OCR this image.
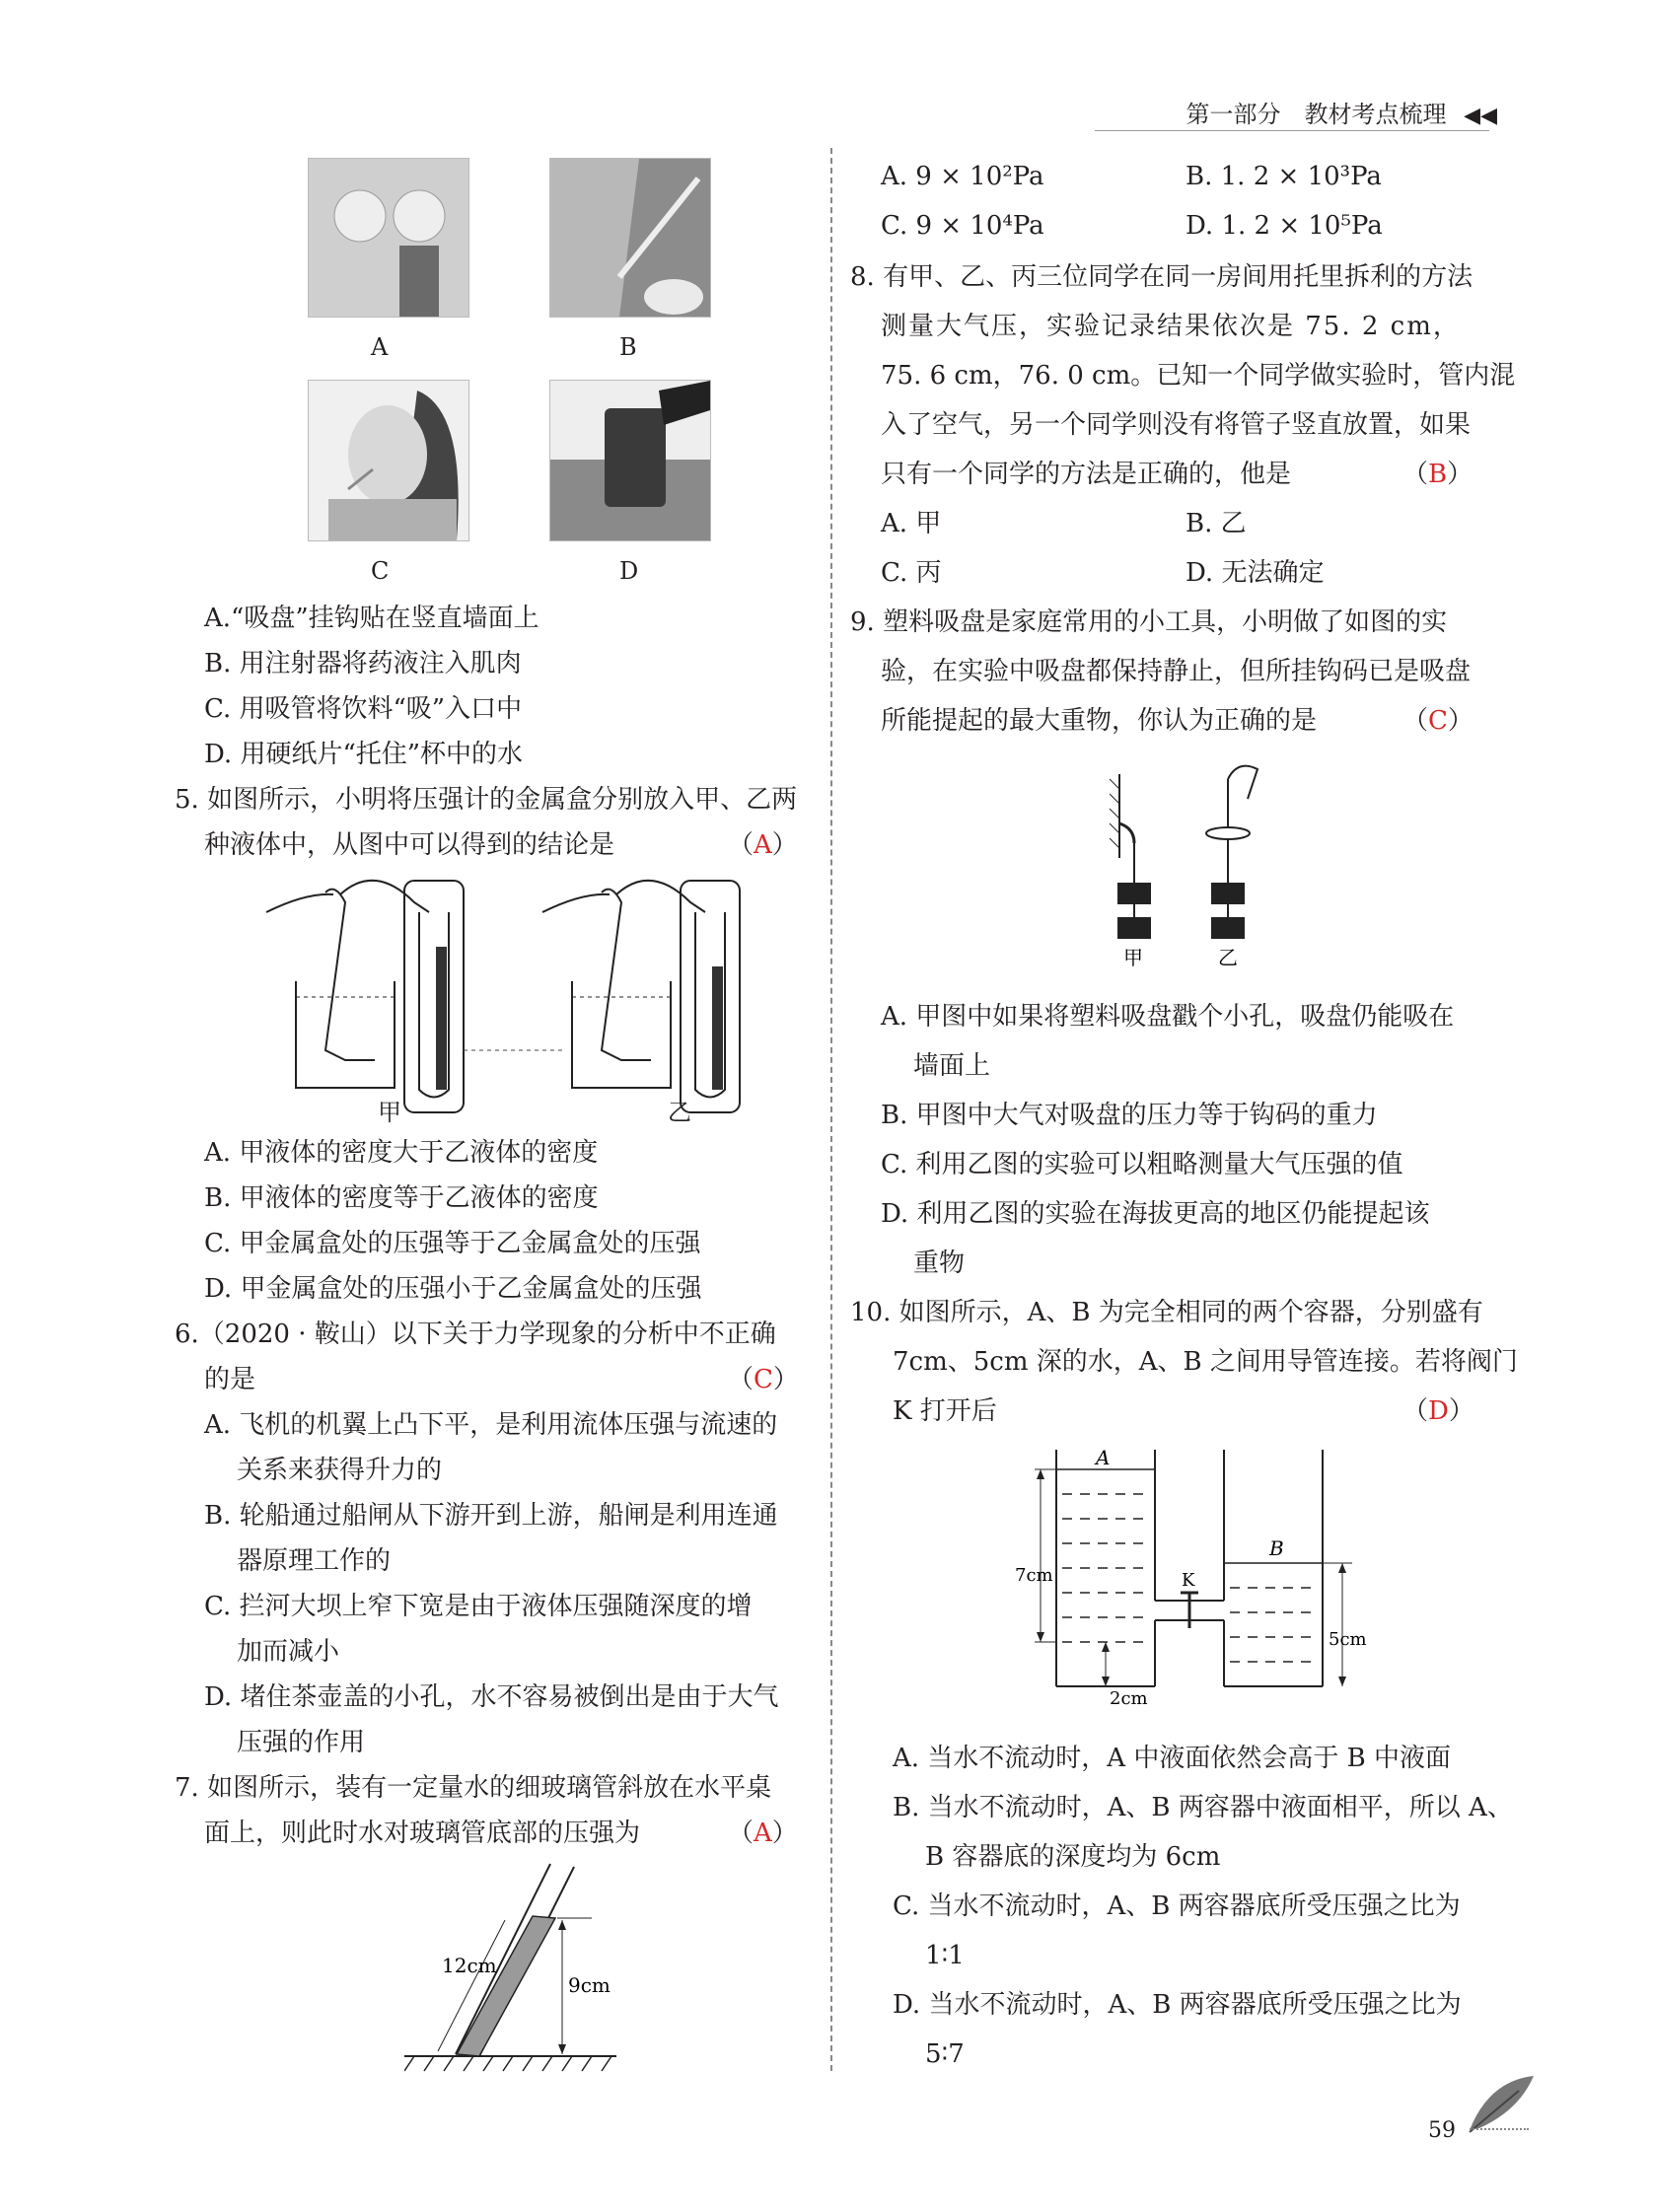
第一部分　教材考点梳理 ◀◀
A	B
C	D
A.“吸盘”挂钩贴在竖直墙面上
B. 用注射器将药液注入肌肉
C. 用吸管将饮料“吸”入口中
D. 用硬纸片“托住”杯中的水
5. 如图所示，小明将压强计的金属盒分别放入甲、乙两
种液体中，从图中可以得到的结论是	（A）
甲	乙
A. 甲液体的密度大于乙液体的密度
B. 甲液体的密度等于乙液体的密度
C. 甲金属盒处的压强等于乙金属盒处的压强
D. 甲金属盒处的压强小于乙金属盒处的压强
6.（2020 · 鞍山）以下关于力学现象的分析中不正确
的是	（C）
A. 飞机的机翼上凸下平，是利用流体压强与流速的
关系来获得升力的
B. 轮船通过船闸从下游开到上游，船闸是利用连通
器原理工作的
C. 拦河大坝上窄下宽是由于液体压强随深度的增
加而减小
D. 堵住茶壶盖的小孔，水不容易被倒出是由于大气
压强的作用
7. 如图所示，装有一定量水的细玻璃管斜放在水平桌
面上，则此时水对玻璃管底部的压强为	（A）
12cm
9cm
A. 9 × 10²Pa	B. 1. 2 × 10³Pa
C. 9 × 10⁴Pa	D. 1. 2 × 10⁵Pa
8. 有甲、乙、丙三位同学在同一房间用托里拆利的方法
测量大气压，实验记录结果依次是 75. 2 cm，
75. 6 cm，76. 0 cm。已知一个同学做实验时，管内混
入了空气，另一个同学则没有将管子竖直放置，如果
只有一个同学的方法是正确的，他是	（B）
A. 甲	B. 乙
C. 丙	D. 无法确定
9. 塑料吸盘是家庭常用的小工具，小明做了如图的实
验，在实验中吸盘都保持静止，但所挂钩码已是吸盘
所能提起的最大重物，你认为正确的是	（C）
甲	乙
A. 甲图中如果将塑料吸盘戳个小孔，吸盘仍能吸在
墙面上
B. 甲图中大气对吸盘的压力等于钩码的重力
C. 利用乙图的实验可以粗略测量大气压强的值
D. 利用乙图的实验在海拔更高的地区仍能提起该
重物
10. 如图所示，A、B 为完全相同的两个容器，分别盛有
7cm、5cm 深的水，A、B 之间用导管连接。若将阀门
K 打开后	（D）
A
B
K
7cm
5cm
2cm
A. 当水不流动时，A 中液面依然会高于 B 中液面
B. 当水不流动时，A、B 两容器中液面相平，所以 A、
B 容器底的深度均为 6cm
C. 当水不流动时，A、B 两容器底所受压强之比为
1∶1
D. 当水不流动时，A、B 两容器底所受压强之比为
5∶7
59
